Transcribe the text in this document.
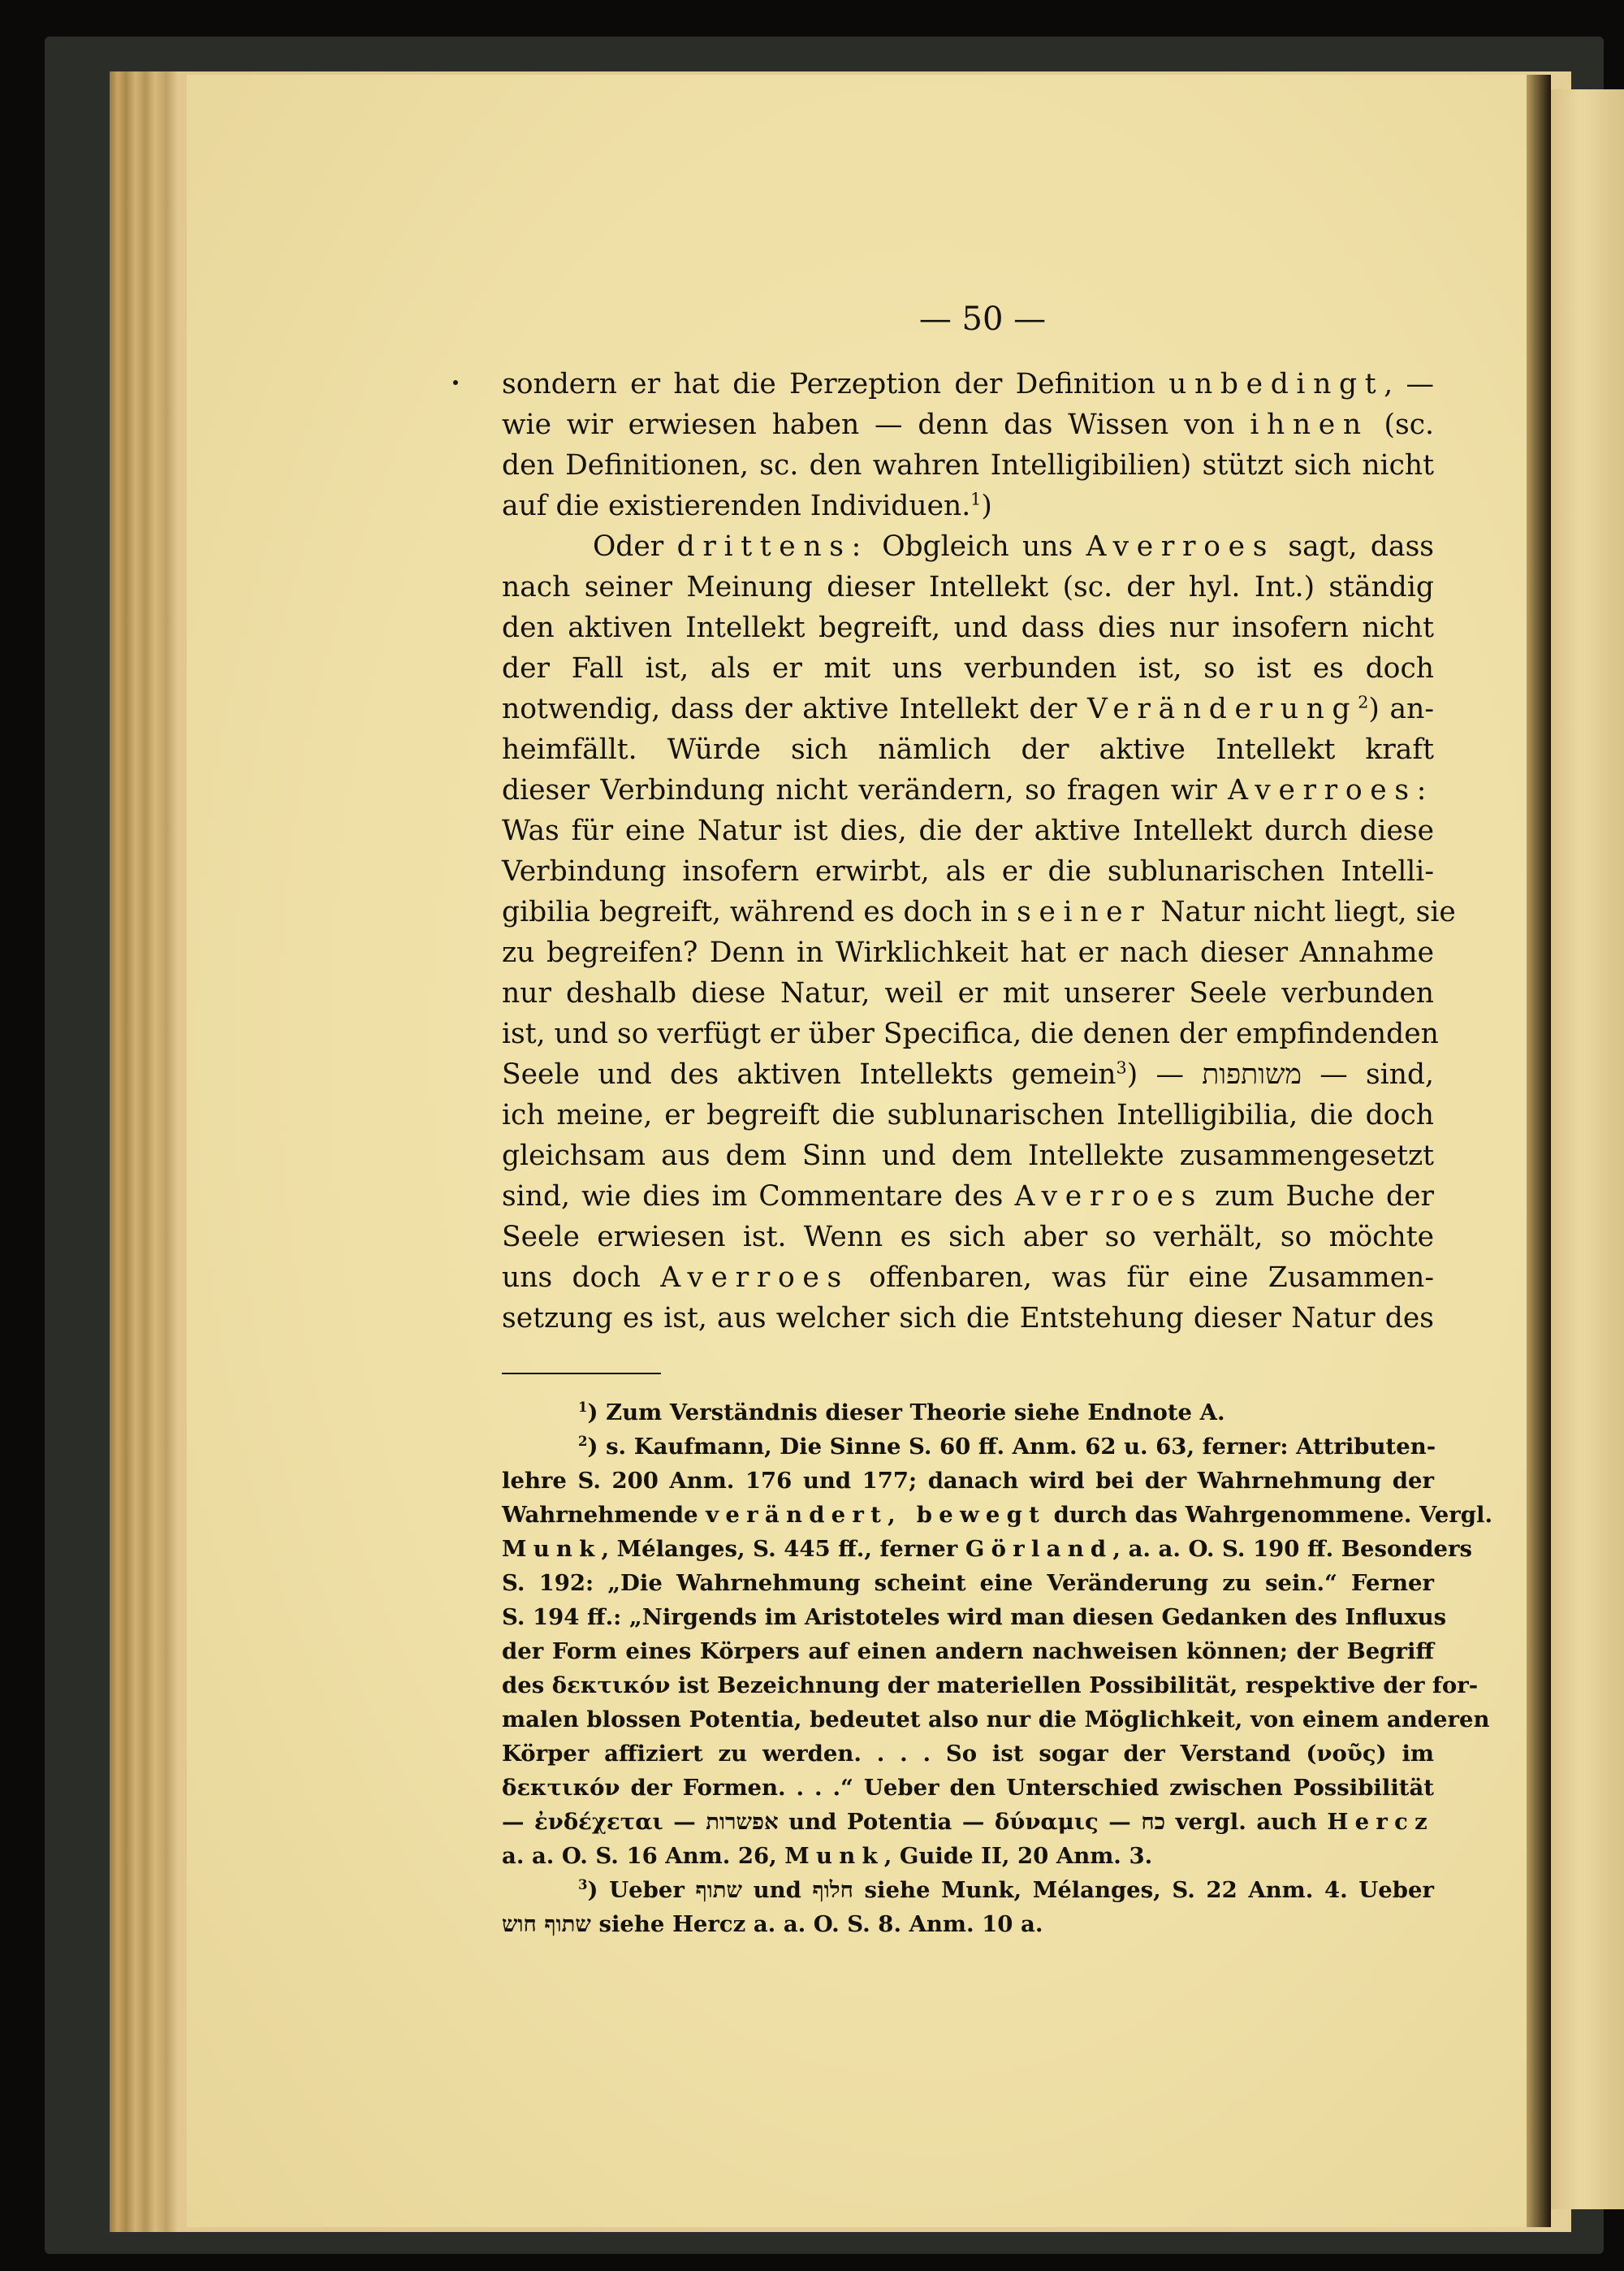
— 50 —
sondern er hat die Perzeption der Definition unbedingt, —
wie wir erwiesen haben — denn das Wissen von ihnen (sc.
den Definitionen, sc. den wahren Intelligibilien) stützt sich nicht
auf die existierenden Individuen.$^1$)
Oder drittens: Obgleich uns Averroes sagt, dass
nach seiner Meinung dieser Intellekt (sc. der hyl. Int.) ständig
den aktiven Intellekt begreift, und dass dies nur insofern nicht
der Fall ist, als er mit uns verbunden ist, so ist es doch
notwendig, dass der aktive Intellekt der Veränderung$^2$) an-
heimfällt. Würde sich nämlich der aktive Intellekt kraft
dieser Verbindung nicht verändern, so fragen wir Averroes:
Was für eine Natur ist dies, die der aktive Intellekt durch diese
Verbindung insofern erwirbt, als er die sublunarischen Intelli-
gibilia begreift, während es doch in seiner Natur nicht liegt, sie
zu begreifen? Denn in Wirklichkeit hat er nach dieser Annahme
nur deshalb diese Natur, weil er mit unserer Seele verbunden
ist, und so verfügt er über Specifica, die denen der empfindenden
Seele und des aktiven Intellekts gemein$^3$) — משותפות — sind,
ich meine, er begreift die sublunarischen Intelligibilia, die doch
gleichsam aus dem Sinn und dem Intellekte zusammengesetzt
sind, wie dies im Commentare des Averroes zum Buche der
Seele erwiesen ist. Wenn es sich aber so verhält, so möchte
uns doch Averroes offenbaren, was für eine Zusammen-
setzung es ist, aus welcher sich die Entstehung dieser Natur des
$^1$) Zum Verständnis dieser Theorie siehe Endnote A.
$^2$) s. Kaufmann, Die Sinne S. 60 ff. Anm. 62 u. 63, ferner: Attributen-
lehre S. 200 Anm. 176 und 177; danach wird bei der Wahrnehmung der
Wahrnehmende verändert, bewegt durch das Wahrgenommene. Vergl.
Munk, Mélanges, S. 445 ff., ferner Görland, a. a. O. S. 190 ff. Besonders
S. 192: „Die Wahrnehmung scheint eine Veränderung zu sein.“ Ferner
S. 194 ff.: „Nirgends im Aristoteles wird man diesen Gedanken des Influxus
der Form eines Körpers auf einen andern nachweisen können; der Begriff
des δεκτικόν ist Bezeichnung der materiellen Possibilität, respektive der for-
malen blossen Potentia, bedeutet also nur die Möglichkeit, von einem anderen
Körper affiziert zu werden. . . . So ist sogar der Verstand (νοῦς) im
δεκτικόν der Formen. . . .“ Ueber den Unterschied zwischen Possibilität
— ἐνδέχεται — אפשרות und Potentia — δύναμις — כח vergl. auch Hercz
a. a. O. S. 16 Anm. 26, Munk, Guide II, 20 Anm. 3.
$^3$) Ueber שתוף und חלוף siehe Munk, Mélanges, S. 22 Anm. 4. Ueber
שתוף חוש siehe Hercz a. a. O. S. 8. Anm. 10 a.
